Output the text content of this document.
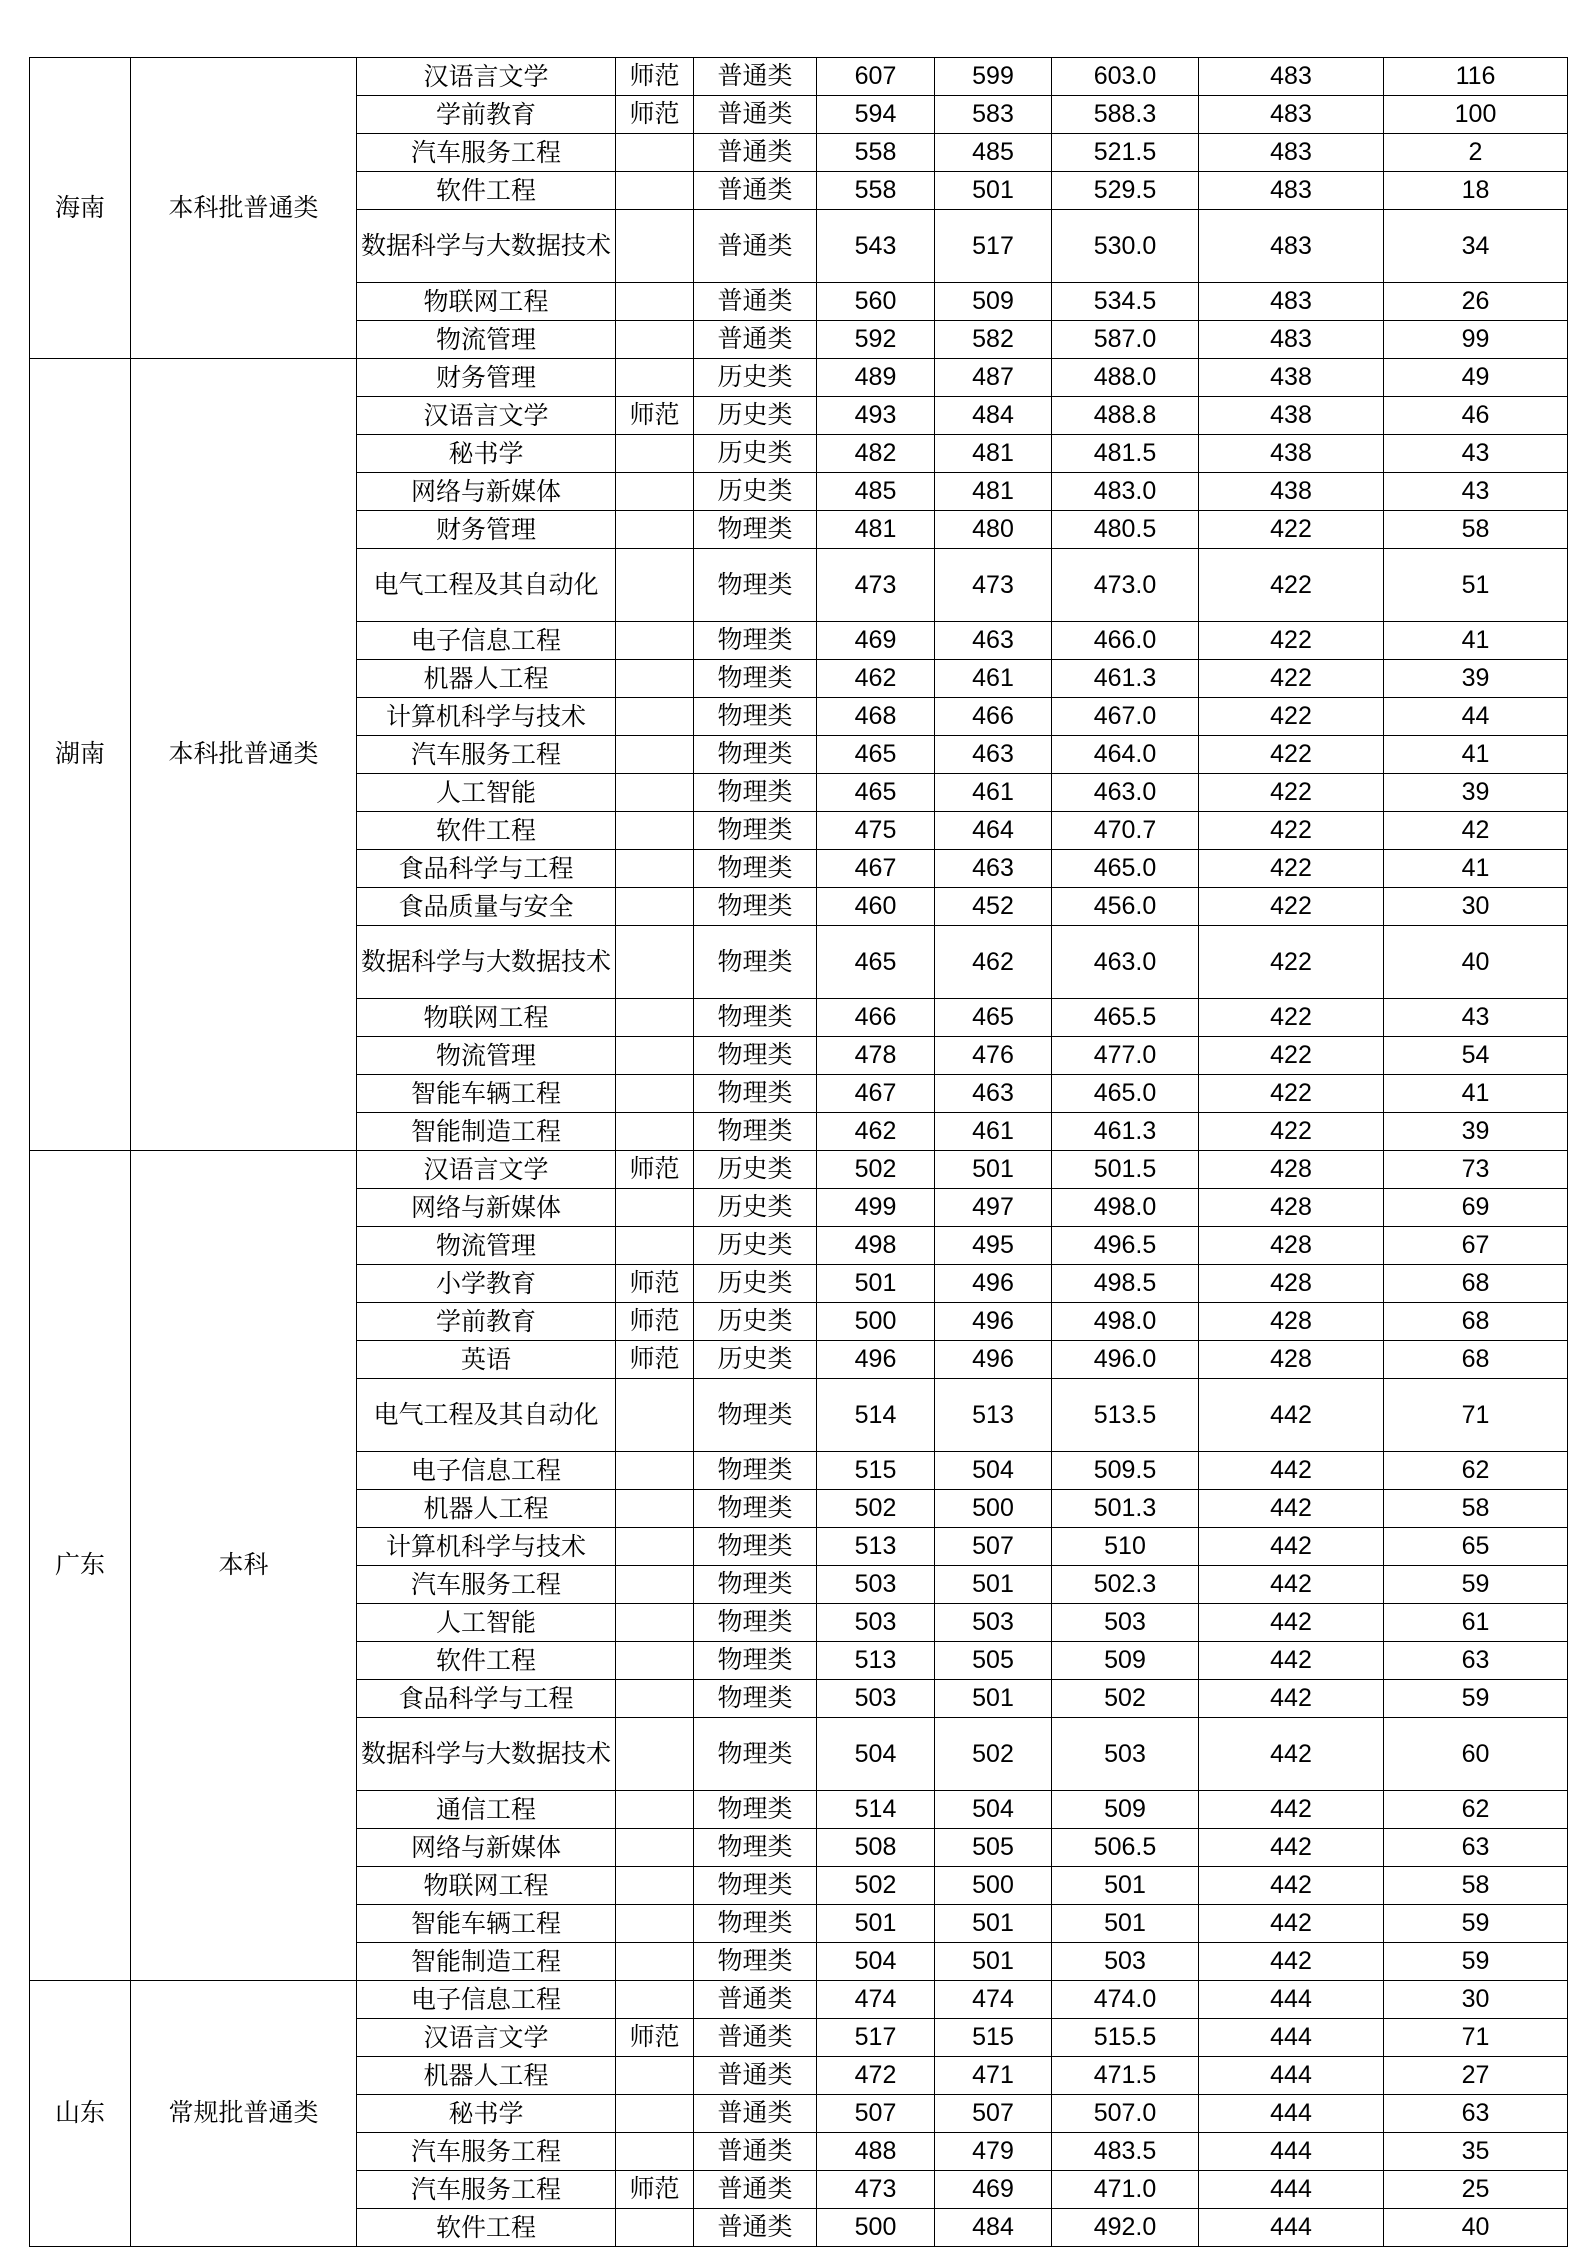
海南	本科批普通类	汉语言文学	师范	普通类	607	599	603.0	483	116
		学前教育	师范	普通类	594	583	588.3	483	100
		汽车服务工程		普通类	558	485	521.5	483	2
		软件工程		普通类	558	501	529.5	483	18
		数据科学与大数据技术		普通类	543	517	530.0	483	34
		物联网工程		普通类	560	509	534.5	483	26
		物流管理		普通类	592	582	587.0	483	99
湖南	本科批普通类	财务管理		历史类	489	487	488.0	438	49
		汉语言文学	师范	历史类	493	484	488.8	438	46
		秘书学		历史类	482	481	481.5	438	43
		网络与新媒体		历史类	485	481	483.0	438	43
		财务管理		物理类	481	480	480.5	422	58
		电气工程及其自动化		物理类	473	473	473.0	422	51
		电子信息工程		物理类	469	463	466.0	422	41
		机器人工程		物理类	462	461	461.3	422	39
		计算机科学与技术		物理类	468	466	467.0	422	44
		汽车服务工程		物理类	465	463	464.0	422	41
		人工智能		物理类	465	461	463.0	422	39
		软件工程		物理类	475	464	470.7	422	42
		食品科学与工程		物理类	467	463	465.0	422	41
		食品质量与安全		物理类	460	452	456.0	422	30
		数据科学与大数据技术		物理类	465	462	463.0	422	40
		物联网工程		物理类	466	465	465.5	422	43
		物流管理		物理类	478	476	477.0	422	54
		智能车辆工程		物理类	467	463	465.0	422	41
		智能制造工程		物理类	462	461	461.3	422	39
广东	本科	汉语言文学	师范	历史类	502	501	501.5	428	73
		网络与新媒体		历史类	499	497	498.0	428	69
		物流管理		历史类	498	495	496.5	428	67
		小学教育	师范	历史类	501	496	498.5	428	68
		学前教育	师范	历史类	500	496	498.0	428	68
		英语	师范	历史类	496	496	496.0	428	68
		电气工程及其自动化		物理类	514	513	513.5	442	71
		电子信息工程		物理类	515	504	509.5	442	62
		机器人工程		物理类	502	500	501.3	442	58
		计算机科学与技术		物理类	513	507	510	442	65
		汽车服务工程		物理类	503	501	502.3	442	59
		人工智能		物理类	503	503	503	442	61
		软件工程		物理类	513	505	509	442	63
		食品科学与工程		物理类	503	501	502	442	59
		数据科学与大数据技术		物理类	504	502	503	442	60
		通信工程		物理类	514	504	509	442	62
		网络与新媒体		物理类	508	505	506.5	442	63
		物联网工程		物理类	502	500	501	442	58
		智能车辆工程		物理类	501	501	501	442	59
		智能制造工程		物理类	504	501	503	442	59
山东	常规批普通类	电子信息工程		普通类	474	474	474.0	444	30
		汉语言文学	师范	普通类	517	515	515.5	444	71
		机器人工程		普通类	472	471	471.5	444	27
		秘书学		普通类	507	507	507.0	444	63
		汽车服务工程		普通类	488	479	483.5	444	35
		汽车服务工程	师范	普通类	473	469	471.0	444	25
		软件工程		普通类	500	484	492.0	444	40
